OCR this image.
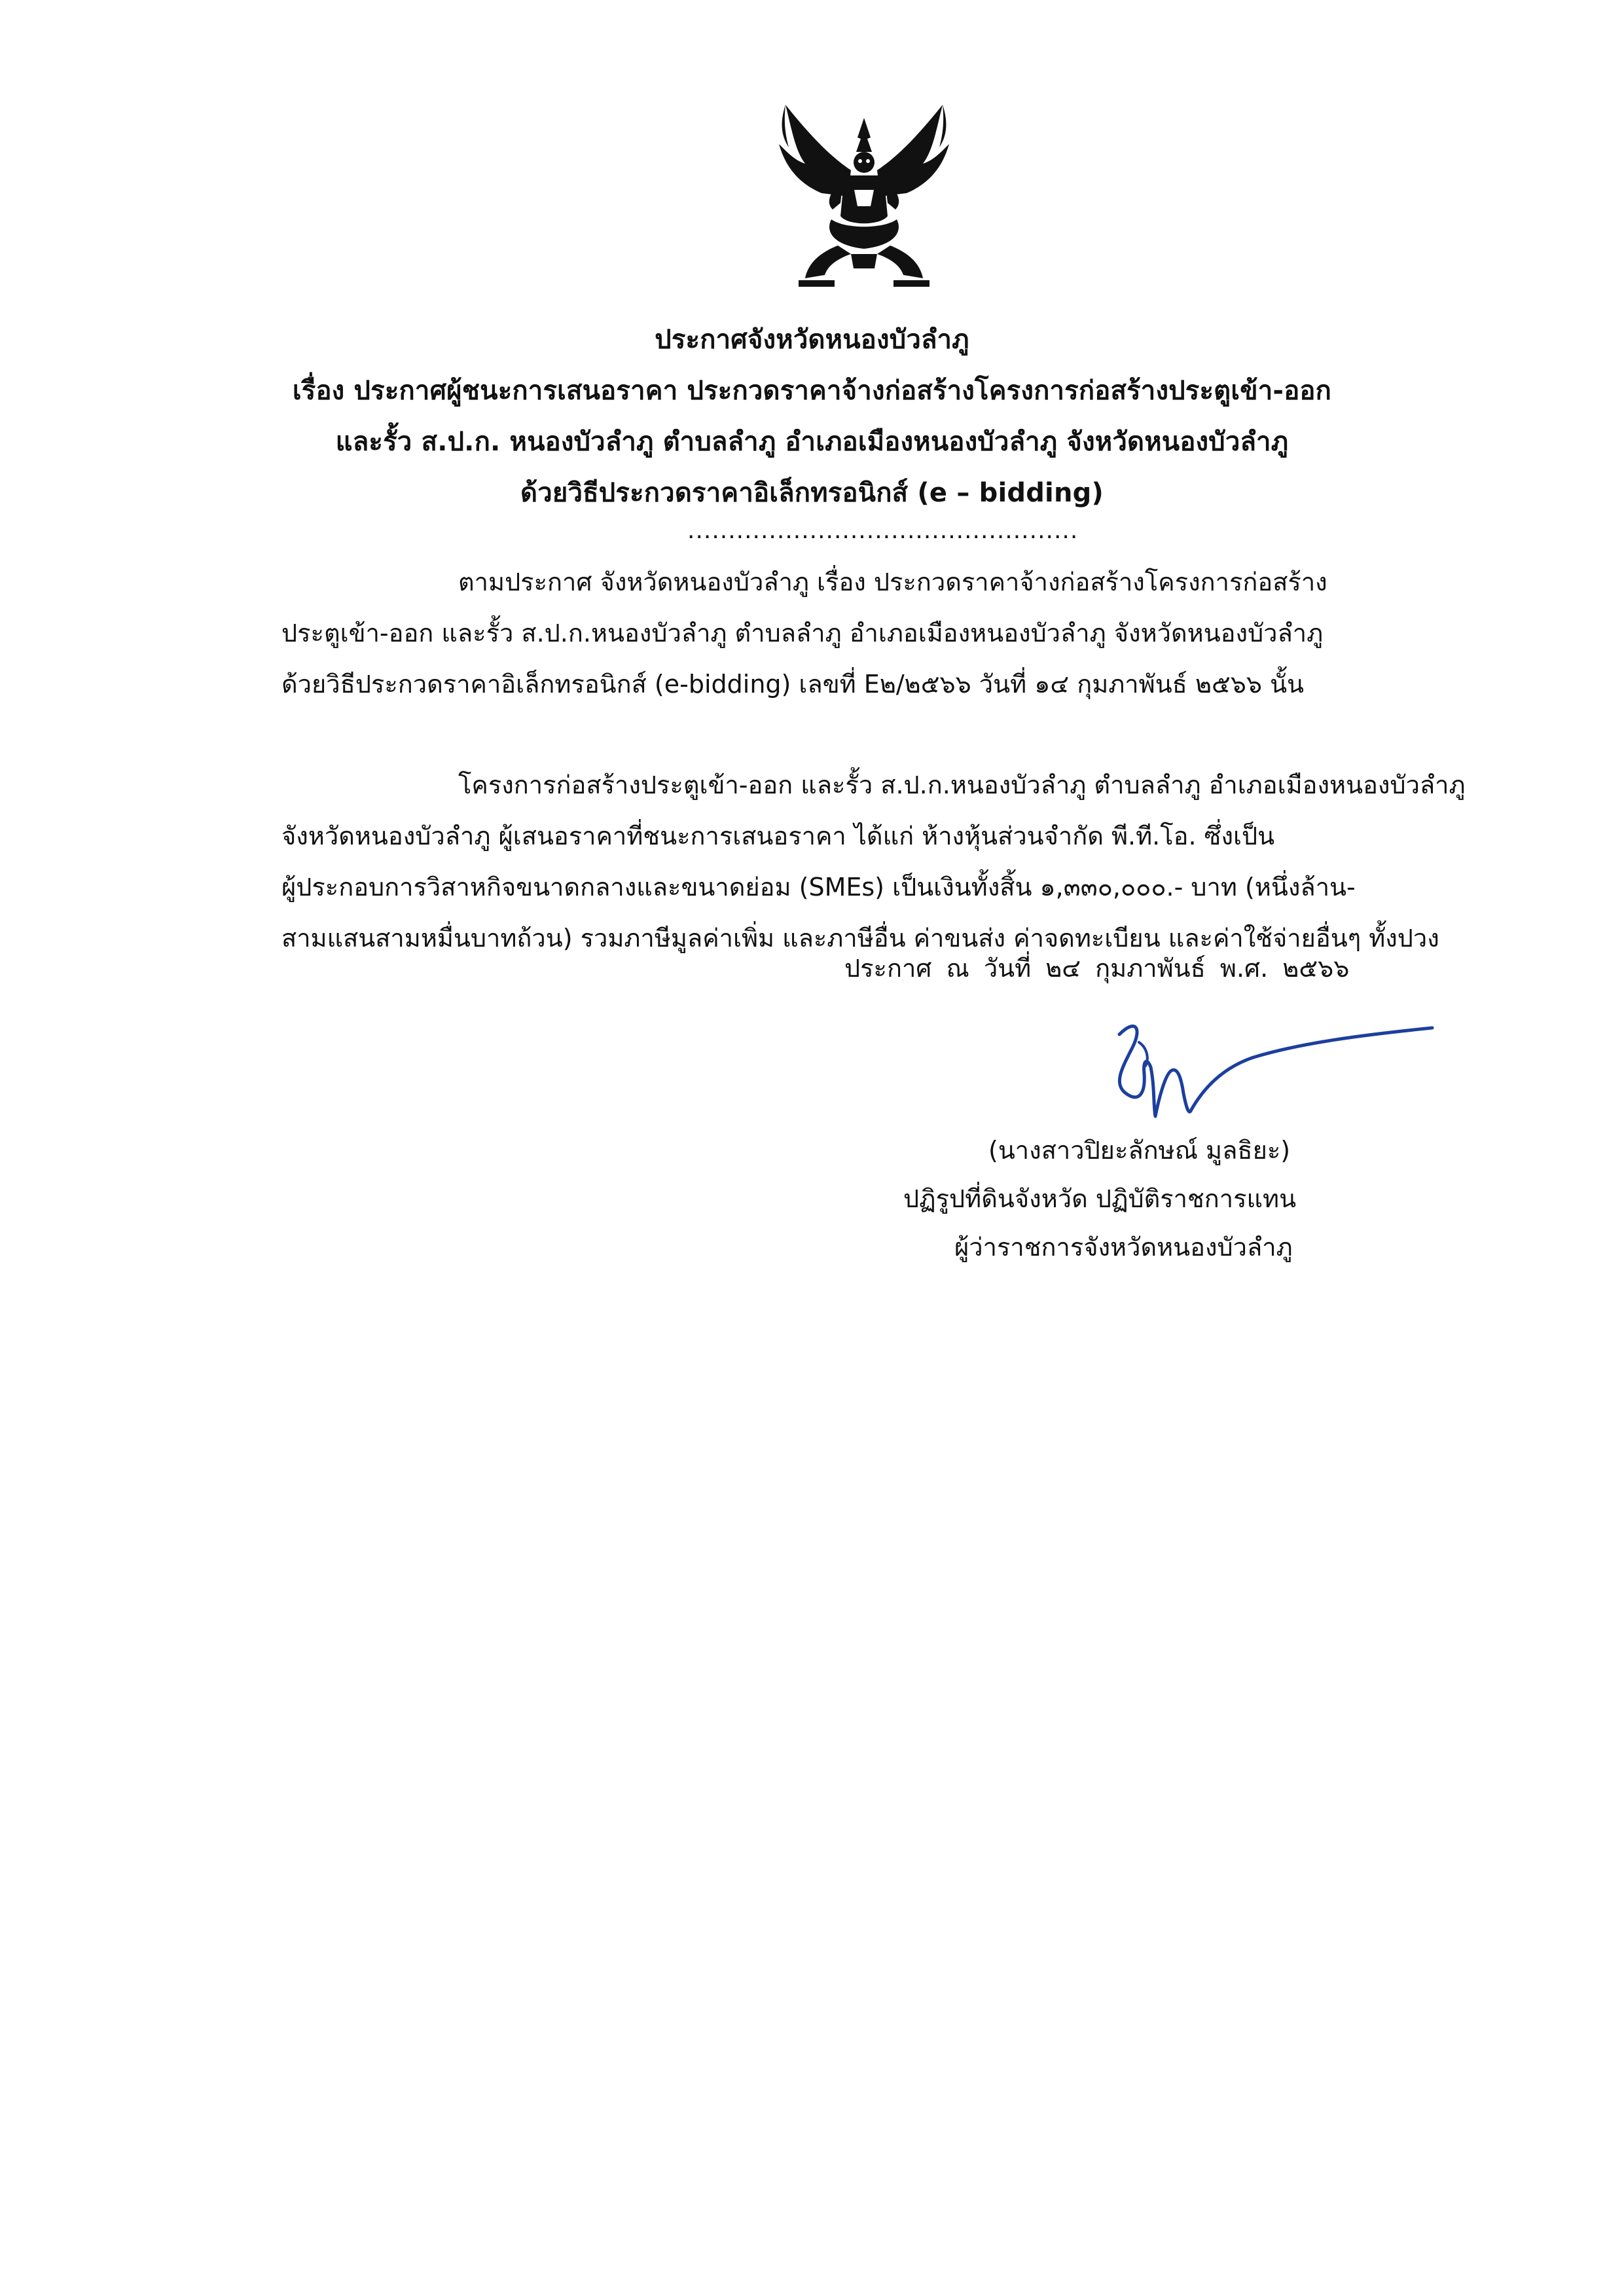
ประกาศจังหวัดหนองบัวลำภู
เรื่อง ประกาศผู้ชนะการเสนอราคา ประกวดราคาจ้างก่อสร้างโครงการก่อสร้างประตูเข้า-ออก
และรั้ว ส.ป.ก. หนองบัวลำภู ตำบลลำภู อำเภอเมืองหนองบัวลำภู จังหวัดหนองบัวลำภู
ด้วยวิธีประกวดราคาอิเล็กทรอนิกส์ (e – bidding)
................................................
ตามประกาศ จังหวัดหนองบัวลำภู เรื่อง ประกวดราคาจ้างก่อสร้างโครงการก่อสร้าง
ประตูเข้า-ออก และรั้ว ส.ป.ก.หนองบัวลำภู ตำบลลำภู อำเภอเมืองหนองบัวลำภู จังหวัดหนองบัวลำภู
ด้วยวิธีประกวดราคาอิเล็กทรอนิกส์ (e-bidding) เลขที่ E๒/๒๕๖๖ วันที่ ๑๔ กุมภาพันธ์ ๒๕๖๖ นั้น
โครงการก่อสร้างประตูเข้า-ออก และรั้ว ส.ป.ก.หนองบัวลำภู ตำบลลำภู อำเภอเมืองหนองบัวลำภู
จังหวัดหนองบัวลำภู ผู้เสนอราคาที่ชนะการเสนอราคา ได้แก่ ห้างหุ้นส่วนจำกัด พี.ที.โอ. ซึ่งเป็น
ผู้ประกอบการวิสาหกิจขนาดกลางและขนาดย่อม (SMEs) เป็นเงินทั้งสิ้น ๑,๓๓๐,๐๐๐.- บาท (หนึ่งล้าน-
สามแสนสามหมื่นบาทถ้วน) รวมภาษีมูลค่าเพิ่ม และภาษีอื่น ค่าขนส่ง ค่าจดทะเบียน และค่าใช้จ่ายอื่นๆ ทั้งปวง
ประกาศ ณ วันที่ ๒๔ กุมภาพันธ์ พ.ศ. ๒๕๖๖
(นางสาวปิยะลักษณ์ มูลธิยะ)
ปฏิรูปที่ดินจังหวัด ปฏิบัติราชการแทน
ผู้ว่าราชการจังหวัดหนองบัวลำภู
